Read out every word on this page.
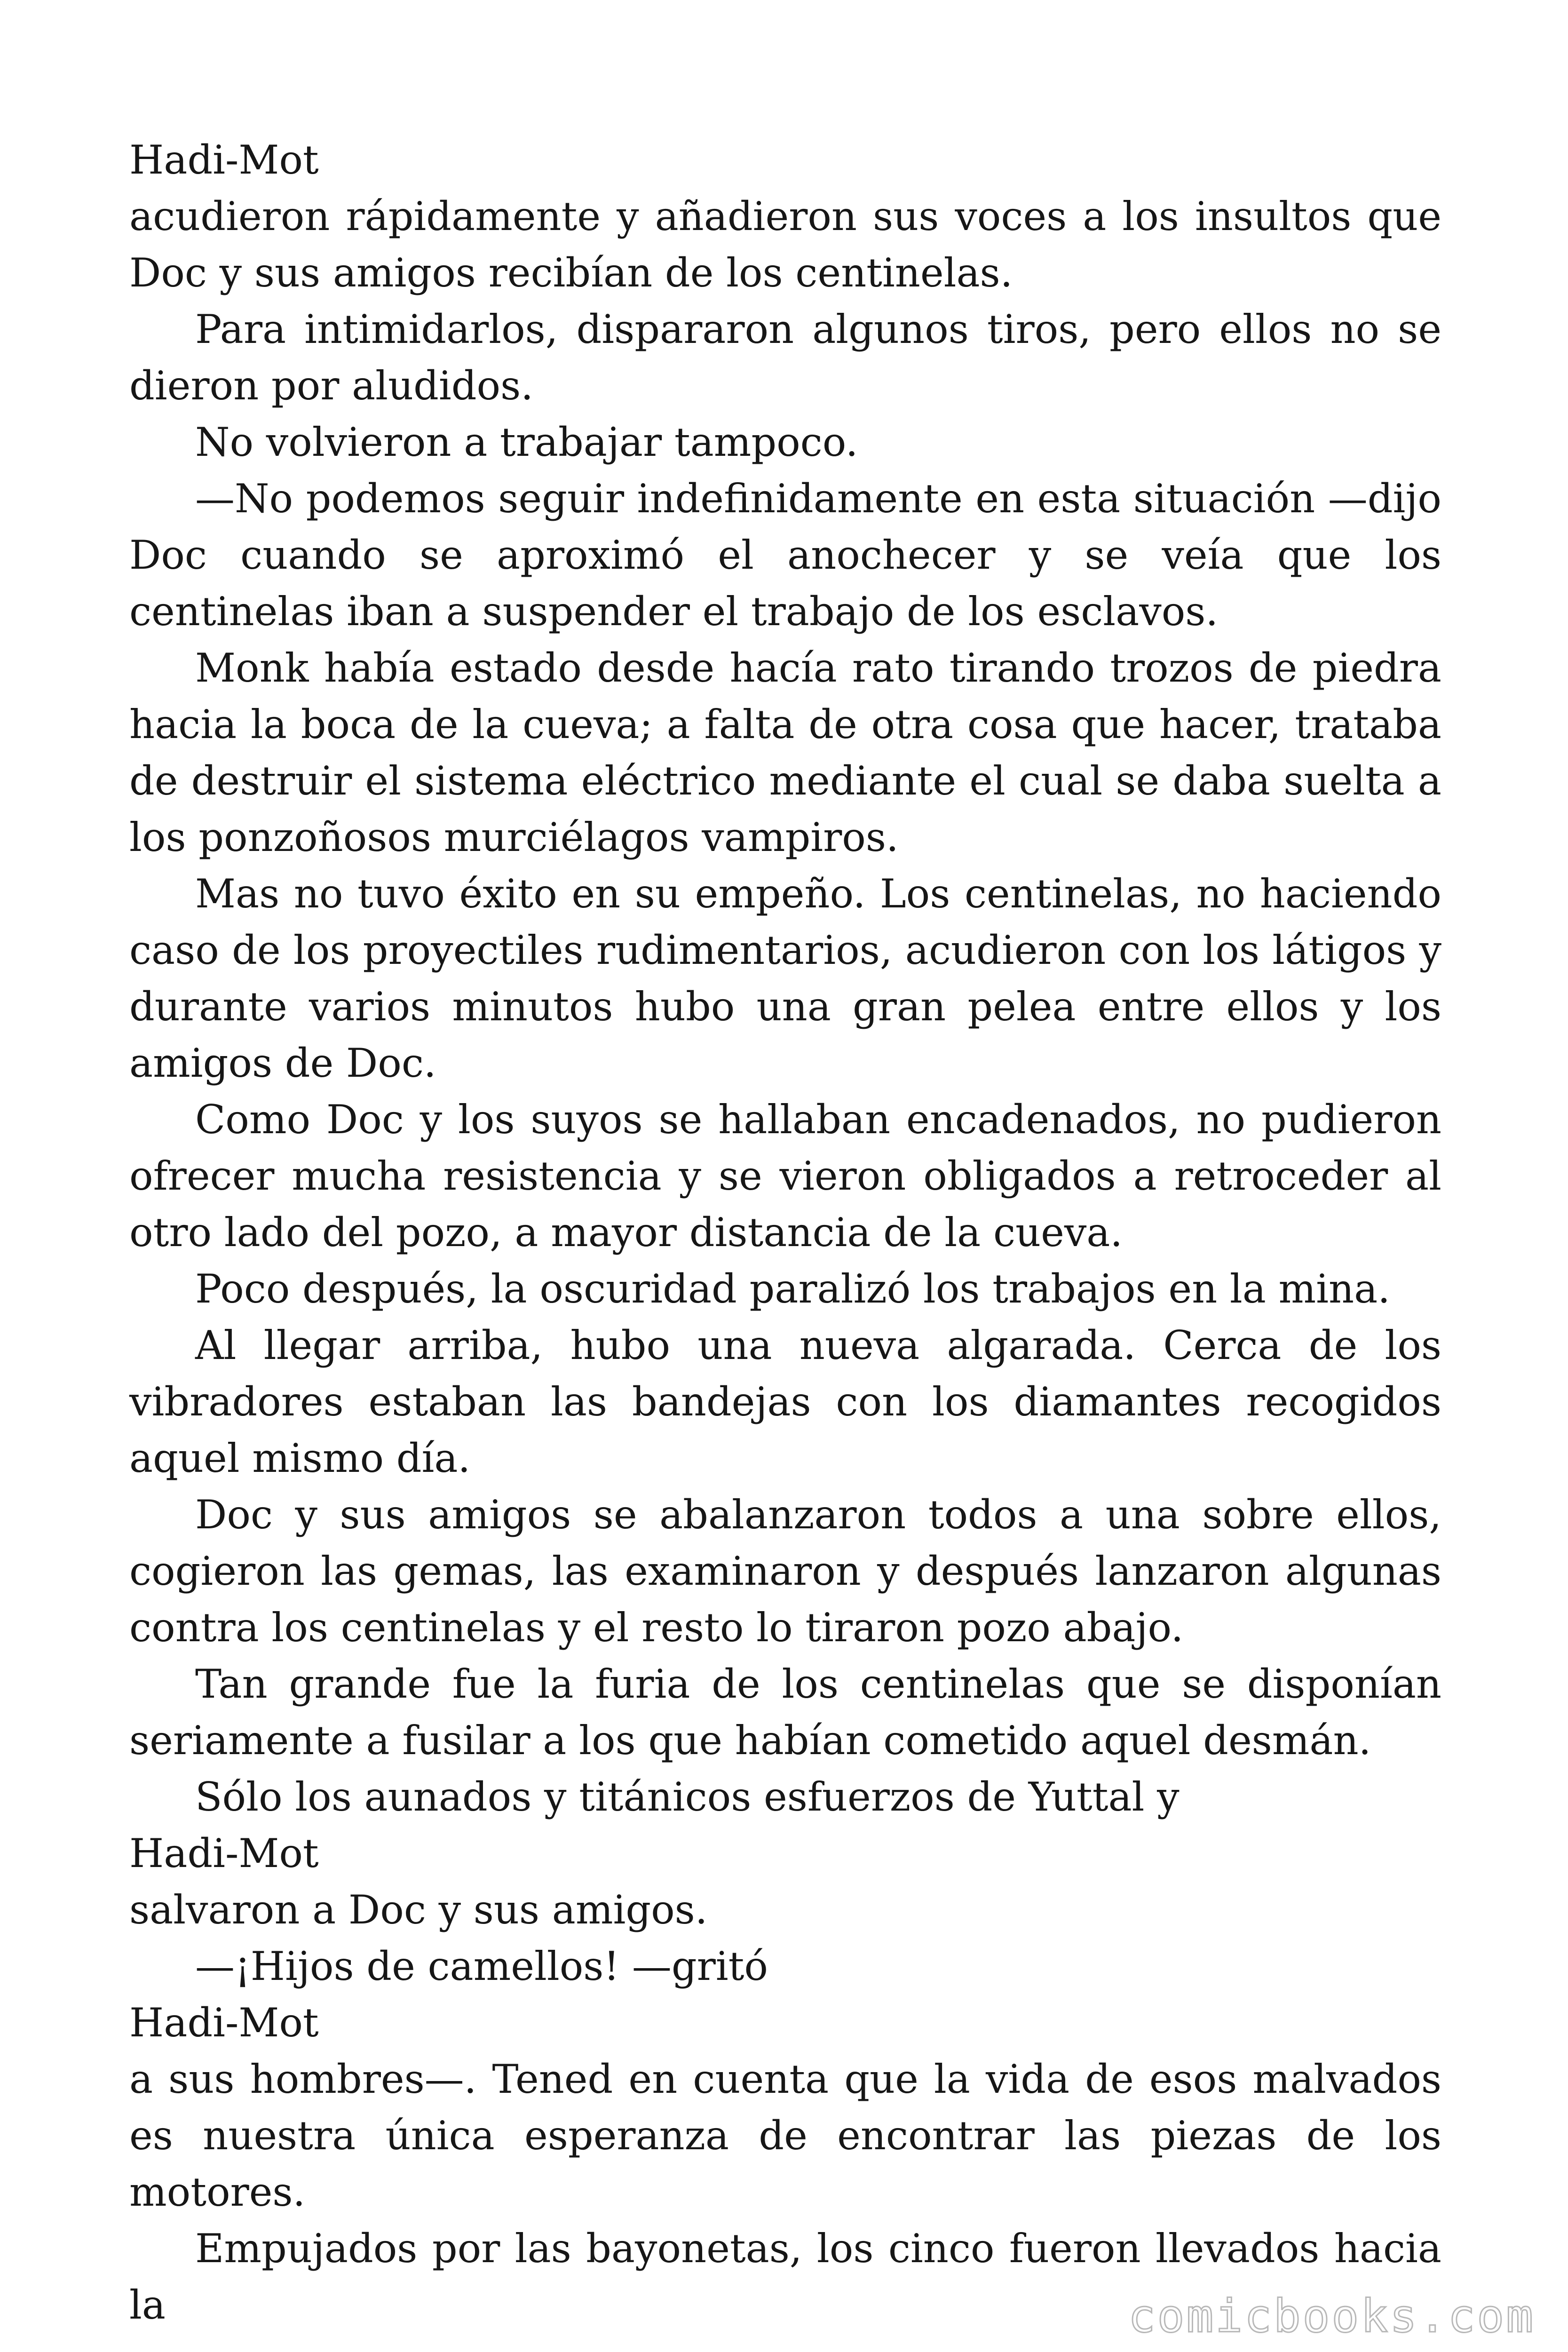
Hadi-Mot

acudieron rápidamente y añadieron sus voces a los insultos que Doc y sus amigos recibían de los centinelas.

Para intimidarlos, dispararon algunos tiros, pero ellos no se dieron por aludidos.

No volvieron a trabajar tampoco.

—No podemos seguir indefinidamente en esta situación —dijo Doc cuando se aproximó el anochecer y se veía que los centinelas iban a suspender el trabajo de los esclavos.

Monk había estado desde hacía rato tirando trozos de piedra hacia la boca de la cueva; a falta de otra cosa que hacer, trataba de destruir el sistema eléctrico mediante el cual se daba suelta a los ponzoñosos murciélagos vampiros.

Mas no tuvo éxito en su empeño. Los centinelas, no haciendo caso de los proyectiles rudimentarios, acudieron con los látigos y durante varios minutos hubo una gran pelea entre ellos y los amigos de Doc.

Como Doc y los suyos se hallaban encadenados, no pudieron ofrecer mucha resistencia y se vieron obligados a retroceder al otro lado del pozo, a mayor distancia de la cueva.

Poco después, la oscuridad paralizó los trabajos en la mina.

Al llegar arriba, hubo una nueva algarada. Cerca de los vibradores estaban las bandejas con los diamantes recogidos aquel mismo día.

Doc y sus amigos se abalanzaron todos a una sobre ellos, cogieron las gemas, las examinaron y después lanzaron algunas contra los centinelas y el resto lo tiraron pozo abajo.

Tan grande fue la furia de los centinelas que se disponían seriamente a fusilar a los que habían cometido aquel desmán.

Sólo los aunados y titánicos esfuerzos de Yuttal y

Hadi-Mot

salvaron a Doc y sus amigos.

—¡Hijos de camellos! —gritó

Hadi-Mot

a sus hombres—. Tened en cuenta que la vida de esos malvados es nuestra única esperanza de encontrar las piezas de los motores.

Empujados por las bayonetas, los cinco fueron llevados hacia la	comicbooks.com
